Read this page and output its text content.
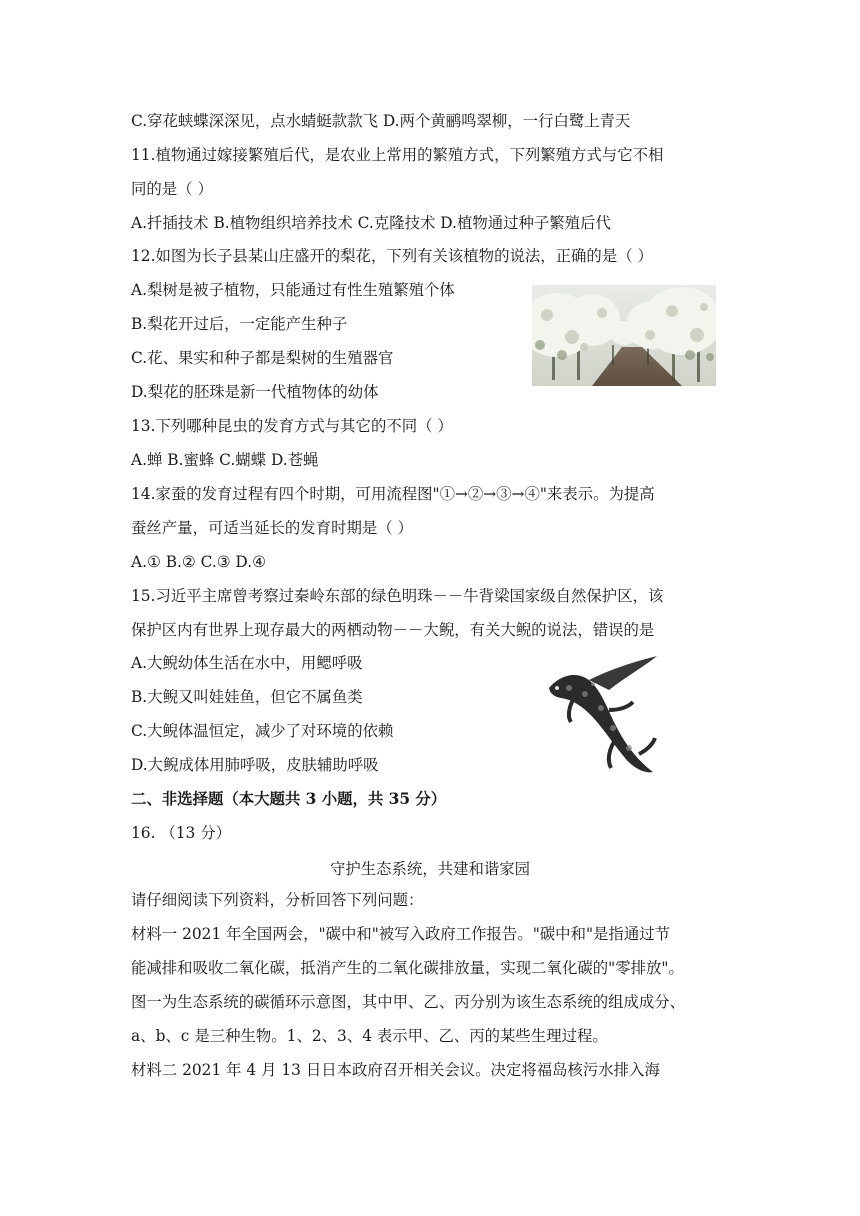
C.穿花蛱蝶深深见，点水蜻蜓款款飞 D.两个黄鹂鸣翠柳，一行白鹭上青天
11.植物通过嫁接繁殖后代，是农业上常用的繁殖方式，下列繁殖方式与它不相
同的是（ ）
A.扦插技术 B.植物组织培养技术 C.克隆技术 D.植物通过种子繁殖后代
12.如图为长子县某山庄盛开的梨花，下列有关该植物的说法，正确的是（ ）
A.梨树是被子植物，只能通过有性生殖繁殖个体
B.梨花开过后，一定能产生种子
C.花、果实和种子都是梨树的生殖器官
D.梨花的胚珠是新一代植物体的幼体
13.下列哪种昆虫的发育方式与其它的不同（ ）
A.蝉 B.蜜蜂 C.蝴蝶 D.苍蝇
14.家蚕的发育过程有四个时期，可用流程图"①→②→③→④"来表示。为提高
蚕丝产量，可适当延长的发育时期是（ ）
A.① B.② C.③ D.④
15.习近平主席曾考察过秦岭东部的绿色明珠－－牛背梁国家级自然保护区，该
保护区内有世界上现存最大的两栖动物－－大鲵，有关大鲵的说法，错误的是
A.大鲵幼体生活在水中，用鳃呼吸
B.大鲵又叫娃娃鱼，但它不属鱼类
C.大鲵体温恒定，减少了对环境的依赖
D.大鲵成体用肺呼吸，皮肤辅助呼吸
二、非选择题（本大题共 3 小题，共 35 分）
16. （13 分）
守护生态系统，共建和谐家园
请仔细阅读下列资料，分析回答下列问题：
材料一 2021 年全国两会，"碳中和"被写入政府工作报告。"碳中和"是指通过节
能减排和吸收二氧化碳，抵消产生的二氧化碳排放量，实现二氧化碳的"零排放"。
图一为生态系统的碳循环示意图，其中甲、乙、丙分别为该生态系统的组成成分、
a、b、c 是三种生物。1、2、3、4 表示甲、乙、丙的某些生理过程。
材料二 2021 年 4 月 13 日日本政府召开相关会议。决定将福岛核污水排入海
